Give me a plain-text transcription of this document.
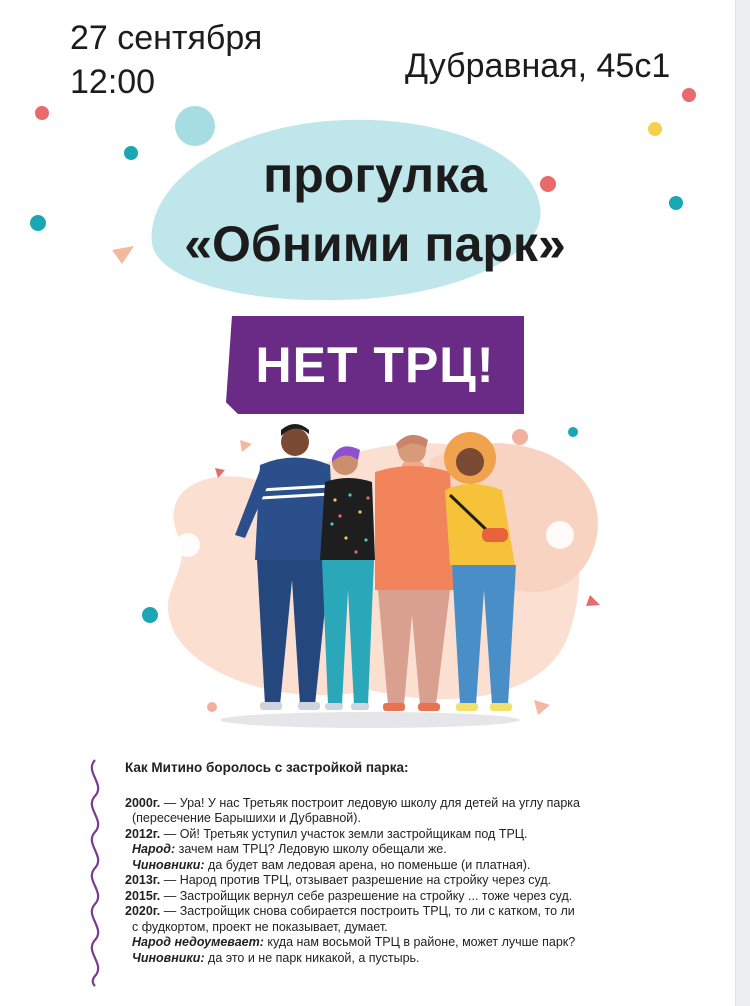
27 сентября
12:00	Дубравная, 45с1
прогулка
«Обними парк»
НЕТ ТРЦ!
Как Митино боролось с застройкой парка:
2000г. — Ура! У нас Третьяк построит ледовую школу для детей на углу парка
(пересечение Барышихи и Дубравной).
2012г. — Ой! Третьяк уступил участок земли застройщикам под ТРЦ.
Народ: зачем нам ТРЦ? Ледовую школу обещали же.
Чиновники: да будет вам ледовая арена, но поменьше (и платная).
2013г. — Народ против ТРЦ, отзывает разрешение на стройку через суд.
2015г. — Застройщик вернул себе разрешение на стройку ... тоже через суд.
2020г. — Застройщик снова собирается построить ТРЦ, то ли с катком, то ли
с фудкортом, проект не показывает, думает.
Народ недоумевает: куда нам восьмой ТРЦ в районе, может лучше парк?
Чиновники: да это и не парк никакой, а пустырь.
